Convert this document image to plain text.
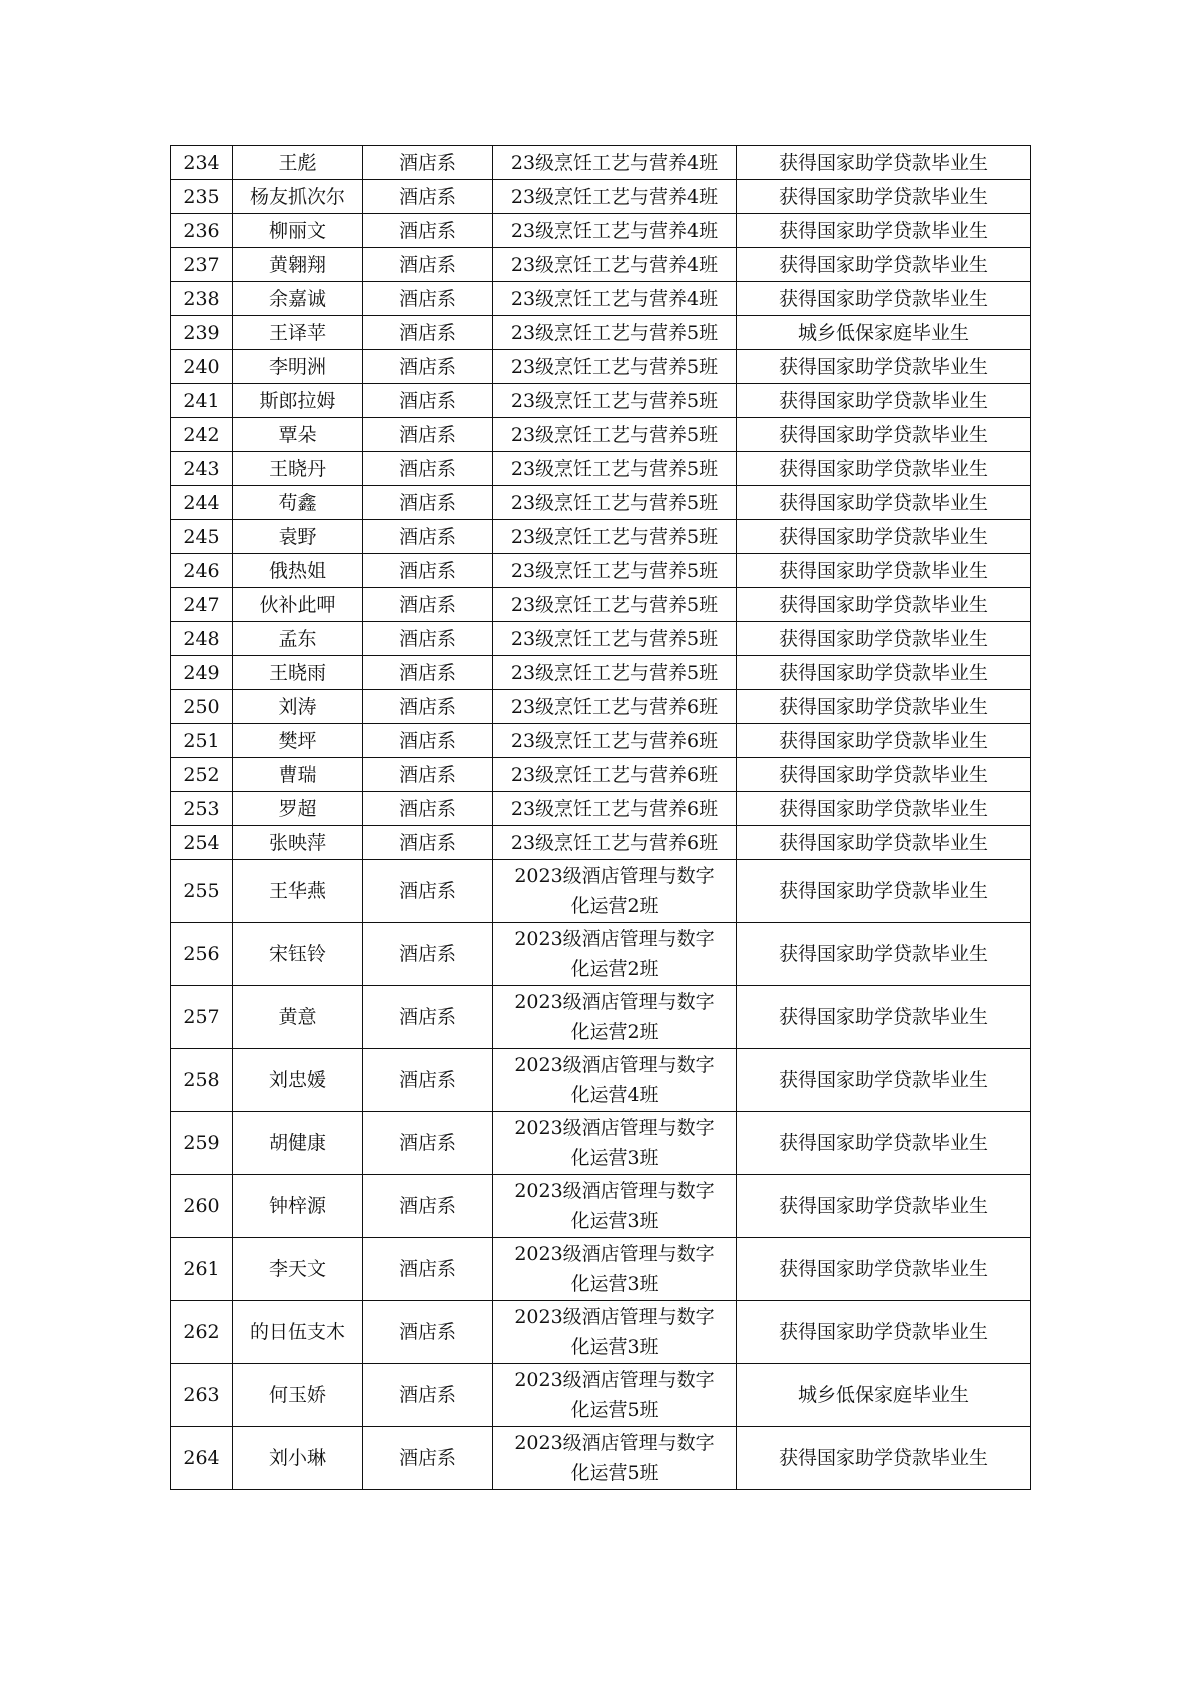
234	王彪	酒店系	23级烹饪工艺与营养4班	获得国家助学贷款毕业生
235	杨友抓次尔	酒店系	23级烹饪工艺与营养4班	获得国家助学贷款毕业生
236	柳丽文	酒店系	23级烹饪工艺与营养4班	获得国家助学贷款毕业生
237	黄翱翔	酒店系	23级烹饪工艺与营养4班	获得国家助学贷款毕业生
238	余嘉诚	酒店系	23级烹饪工艺与营养4班	获得国家助学贷款毕业生
239	王译苹	酒店系	23级烹饪工艺与营养5班	城乡低保家庭毕业生
240	李明洲	酒店系	23级烹饪工艺与营养5班	获得国家助学贷款毕业生
241	斯郎拉姆	酒店系	23级烹饪工艺与营养5班	获得国家助学贷款毕业生
242	覃朵	酒店系	23级烹饪工艺与营养5班	获得国家助学贷款毕业生
243	王晓丹	酒店系	23级烹饪工艺与营养5班	获得国家助学贷款毕业生
244	苟鑫	酒店系	23级烹饪工艺与营养5班	获得国家助学贷款毕业生
245	袁野	酒店系	23级烹饪工艺与营养5班	获得国家助学贷款毕业生
246	俄热姐	酒店系	23级烹饪工艺与营养5班	获得国家助学贷款毕业生
247	伙补此呷	酒店系	23级烹饪工艺与营养5班	获得国家助学贷款毕业生
248	孟东	酒店系	23级烹饪工艺与营养5班	获得国家助学贷款毕业生
249	王晓雨	酒店系	23级烹饪工艺与营养5班	获得国家助学贷款毕业生
250	刘涛	酒店系	23级烹饪工艺与营养6班	获得国家助学贷款毕业生
251	樊坪	酒店系	23级烹饪工艺与营养6班	获得国家助学贷款毕业生
252	曹瑞	酒店系	23级烹饪工艺与营养6班	获得国家助学贷款毕业生
253	罗超	酒店系	23级烹饪工艺与营养6班	获得国家助学贷款毕业生
254	张映萍	酒店系	23级烹饪工艺与营养6班	获得国家助学贷款毕业生
255	王华燕	酒店系	2023级酒店管理与数字
化运营2班	获得国家助学贷款毕业生
256	宋钰铃	酒店系	2023级酒店管理与数字
化运营2班	获得国家助学贷款毕业生
257	黄意	酒店系	2023级酒店管理与数字
化运营2班	获得国家助学贷款毕业生
258	刘忠媛	酒店系	2023级酒店管理与数字
化运营4班	获得国家助学贷款毕业生
259	胡健康	酒店系	2023级酒店管理与数字
化运营3班	获得国家助学贷款毕业生
260	钟梓源	酒店系	2023级酒店管理与数字
化运营3班	获得国家助学贷款毕业生
261	李天文	酒店系	2023级酒店管理与数字
化运营3班	获得国家助学贷款毕业生
262	的日伍支木	酒店系	2023级酒店管理与数字
化运营3班	获得国家助学贷款毕业生
263	何玉娇	酒店系	2023级酒店管理与数字
化运营5班	城乡低保家庭毕业生
264	刘小琳	酒店系	2023级酒店管理与数字
化运营5班	获得国家助学贷款毕业生
